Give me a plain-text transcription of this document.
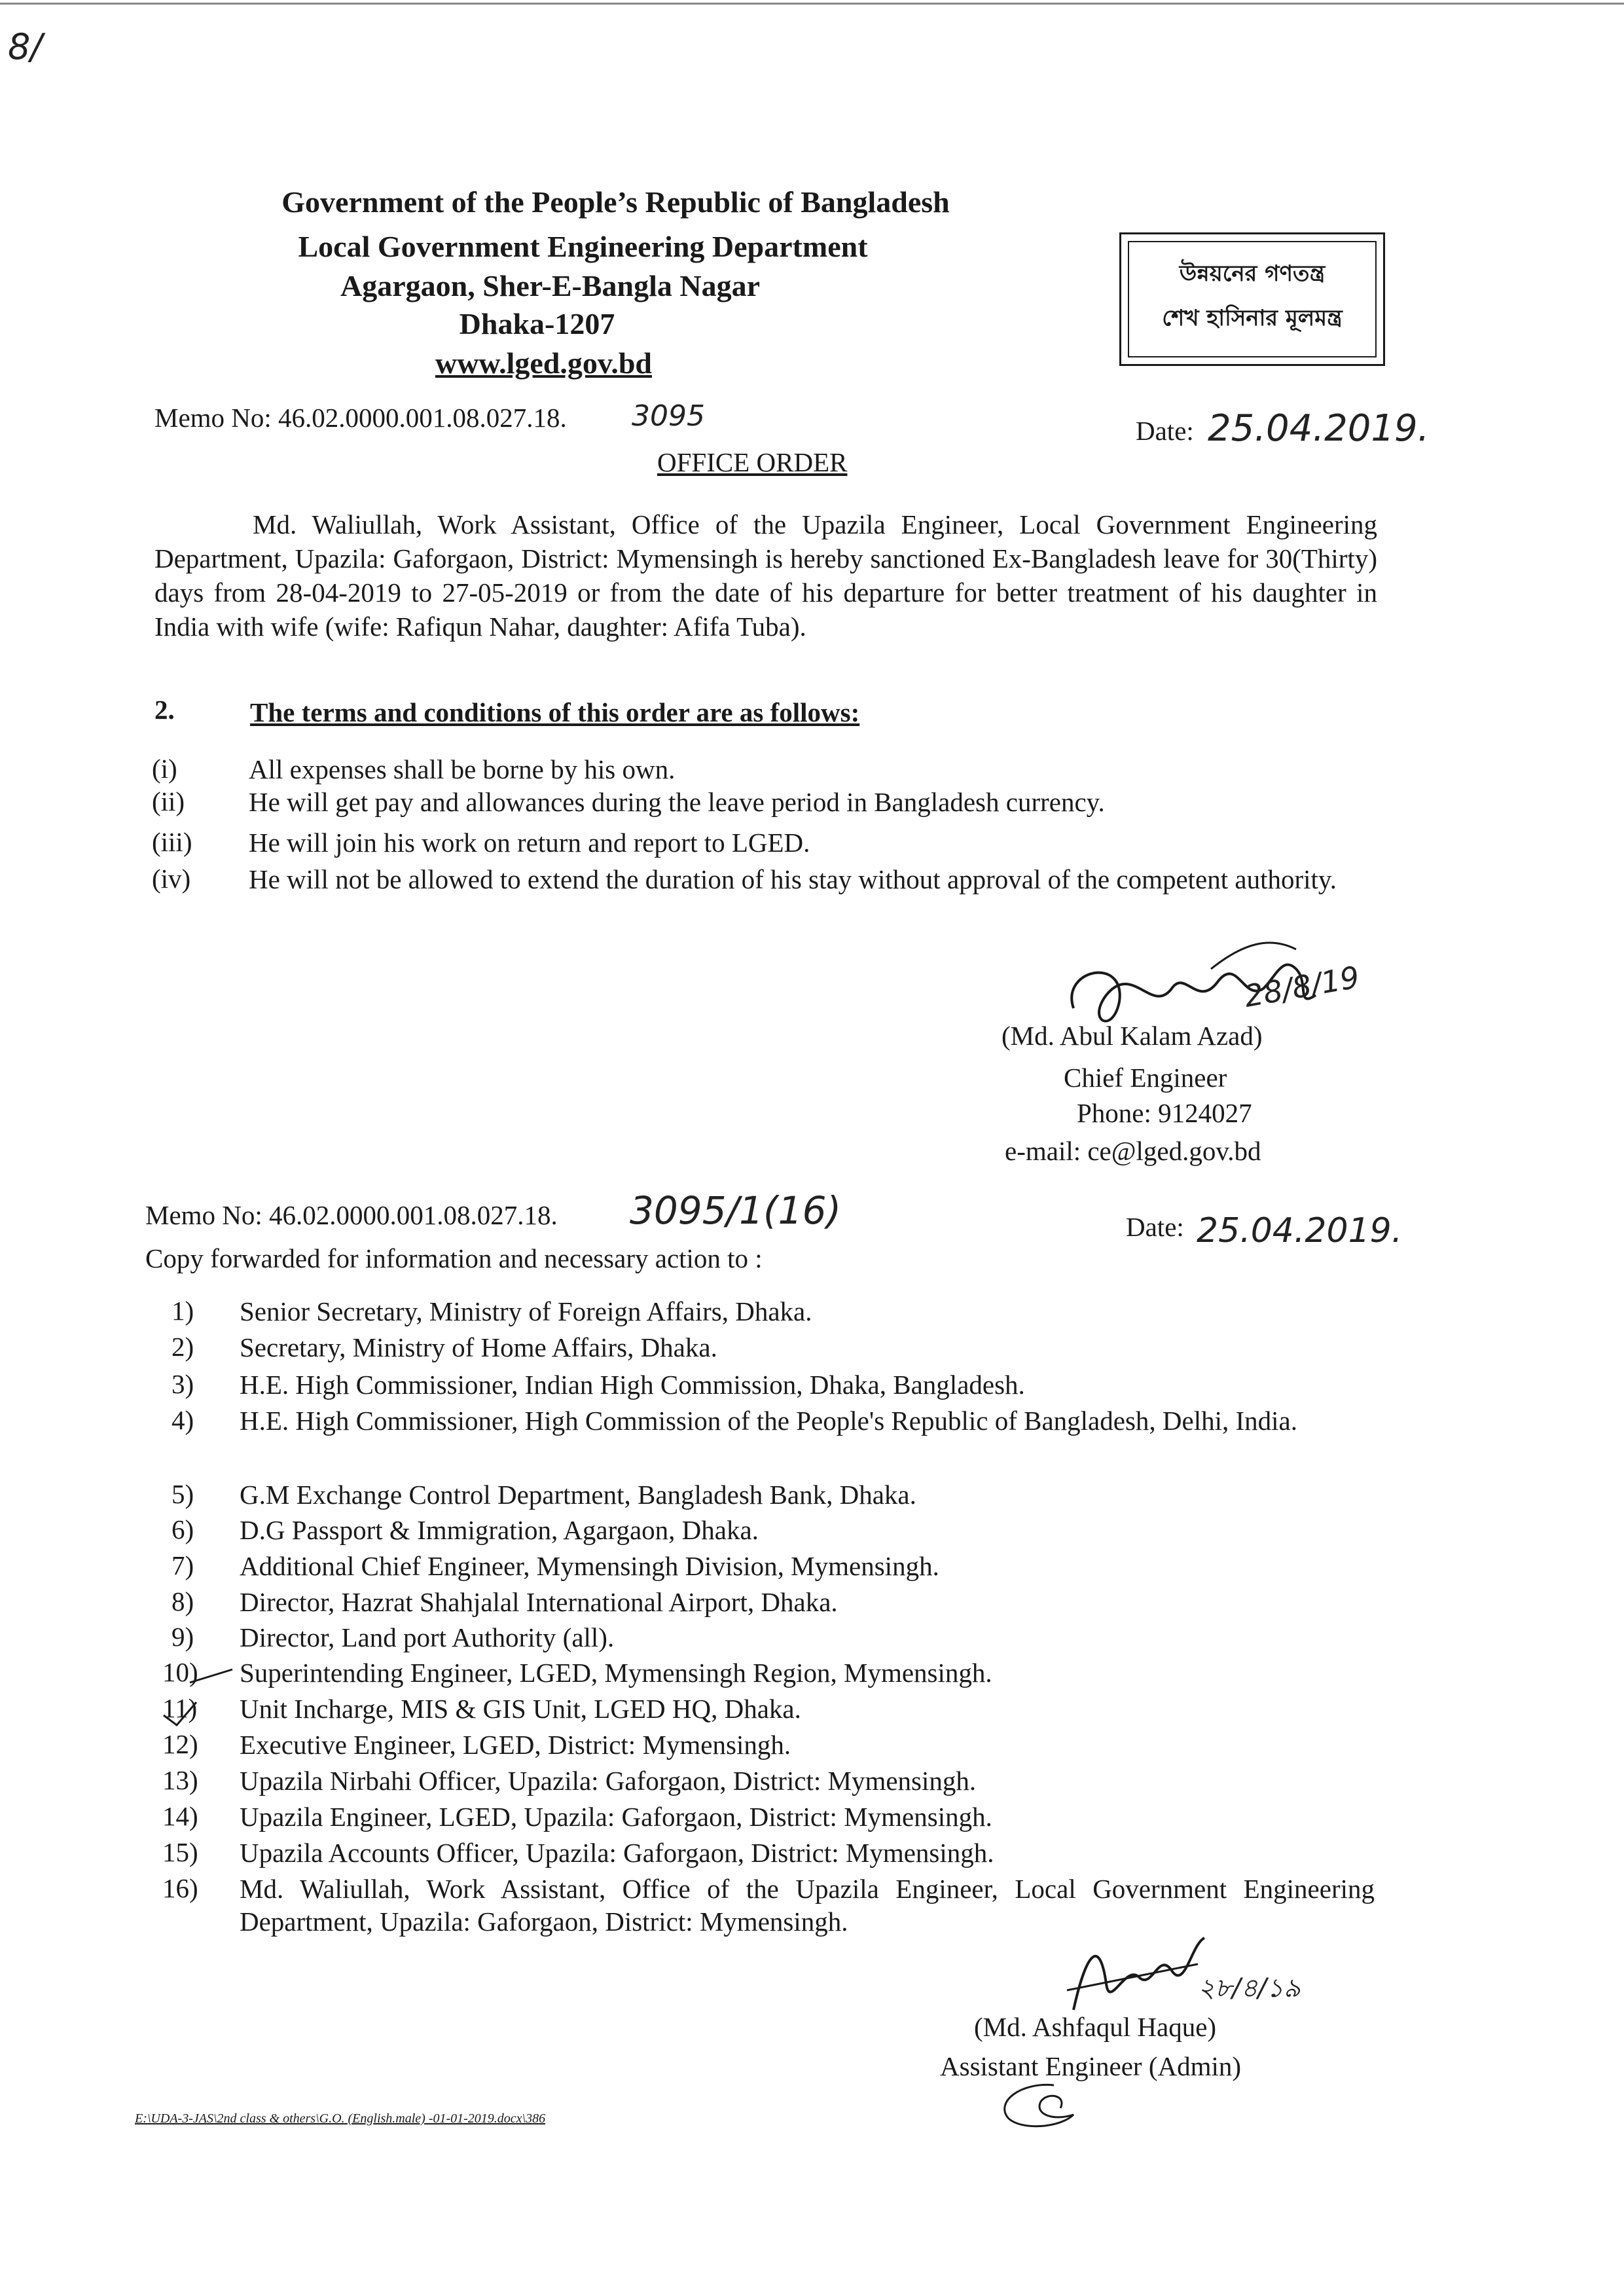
8/
Government of the People’s Republic of Bangladesh
Local Government Engineering Department
Agargaon, Sher-E-Bangla Nagar
Dhaka-1207
www.lged.gov.bd
উন্নয়নের গণতন্ত্র
শেখ হাসিনার মূলমন্ত্র
Memo No: 46.02.0000.001.08.027.18. 3095	Date: 25.04.2019.
OFFICE ORDER
Md. Waliullah, Work Assistant, Office of the Upazila Engineer, Local Government Engineering Department, Upazila: Gaforgaon, District: Mymensingh is hereby sanctioned Ex-Bangladesh leave for 30(Thirty) days from 28-04-2019 to 27-05-2019 or from the date of his departure for better treatment of his daughter in India with wife (wife: Rafiqun Nahar, daughter: Afifa Tuba).
2.	The terms and conditions of this order are as follows:
(i)	All expenses shall be borne by his own.
(ii) He will get pay and allowances during the leave period in Bangladesh currency.
(iii) He will join his work on return and report to LGED.
(iv) He will not be allowed to extend the duration of his stay without approval of the competent authority.
28/8/19
(Md. Abul Kalam Azad)
Chief Engineer
Phone: 9124027
e-mail: ce@lged.gov.bd
Memo No: 46.02.0000.001.08.027.18. 3095/1(16)	Date: 25.04.2019.
Copy forwarded for information and necessary action to :
1) Senior Secretary, Ministry of Foreign Affairs, Dhaka.
2) Secretary, Ministry of Home Affairs, Dhaka.
3) H.E. High Commissioner, Indian High Commission, Dhaka, Bangladesh.
4) H.E. High Commissioner, High Commission of the People's Republic of Bangladesh, Delhi, India.
5) G.M Exchange Control Department, Bangladesh Bank, Dhaka.
6) D.G Passport & Immigration, Agargaon, Dhaka.
7) Additional Chief Engineer, Mymensingh Division, Mymensingh.
8) Director, Hazrat Shahjalal International Airport, Dhaka.
9) Director, Land port Authority (all).
10) Superintending Engineer, LGED, Mymensingh Region, Mymensingh.
11) Unit Incharge, MIS & GIS Unit, LGED HQ, Dhaka.
12) Executive Engineer, LGED, District: Mymensingh.
13) Upazila Nirbahi Officer, Upazila: Gaforgaon, District: Mymensingh.
14) Upazila Engineer, LGED, Upazila: Gaforgaon, District: Mymensingh.
15) Upazila Accounts Officer, Upazila: Gaforgaon, District: Mymensingh.
16) Md. Waliullah, Work Assistant, Office of the Upazila Engineer, Local Government Engineering Department, Upazila: Gaforgaon, District: Mymensingh.
২৮/৪/১৯
(Md. Ashfaqul Haque)
Assistant Engineer (Admin)
E:\UDA-3-JAS\2nd class & others\G.O. (English.male) -01-01-2019.docx\386
